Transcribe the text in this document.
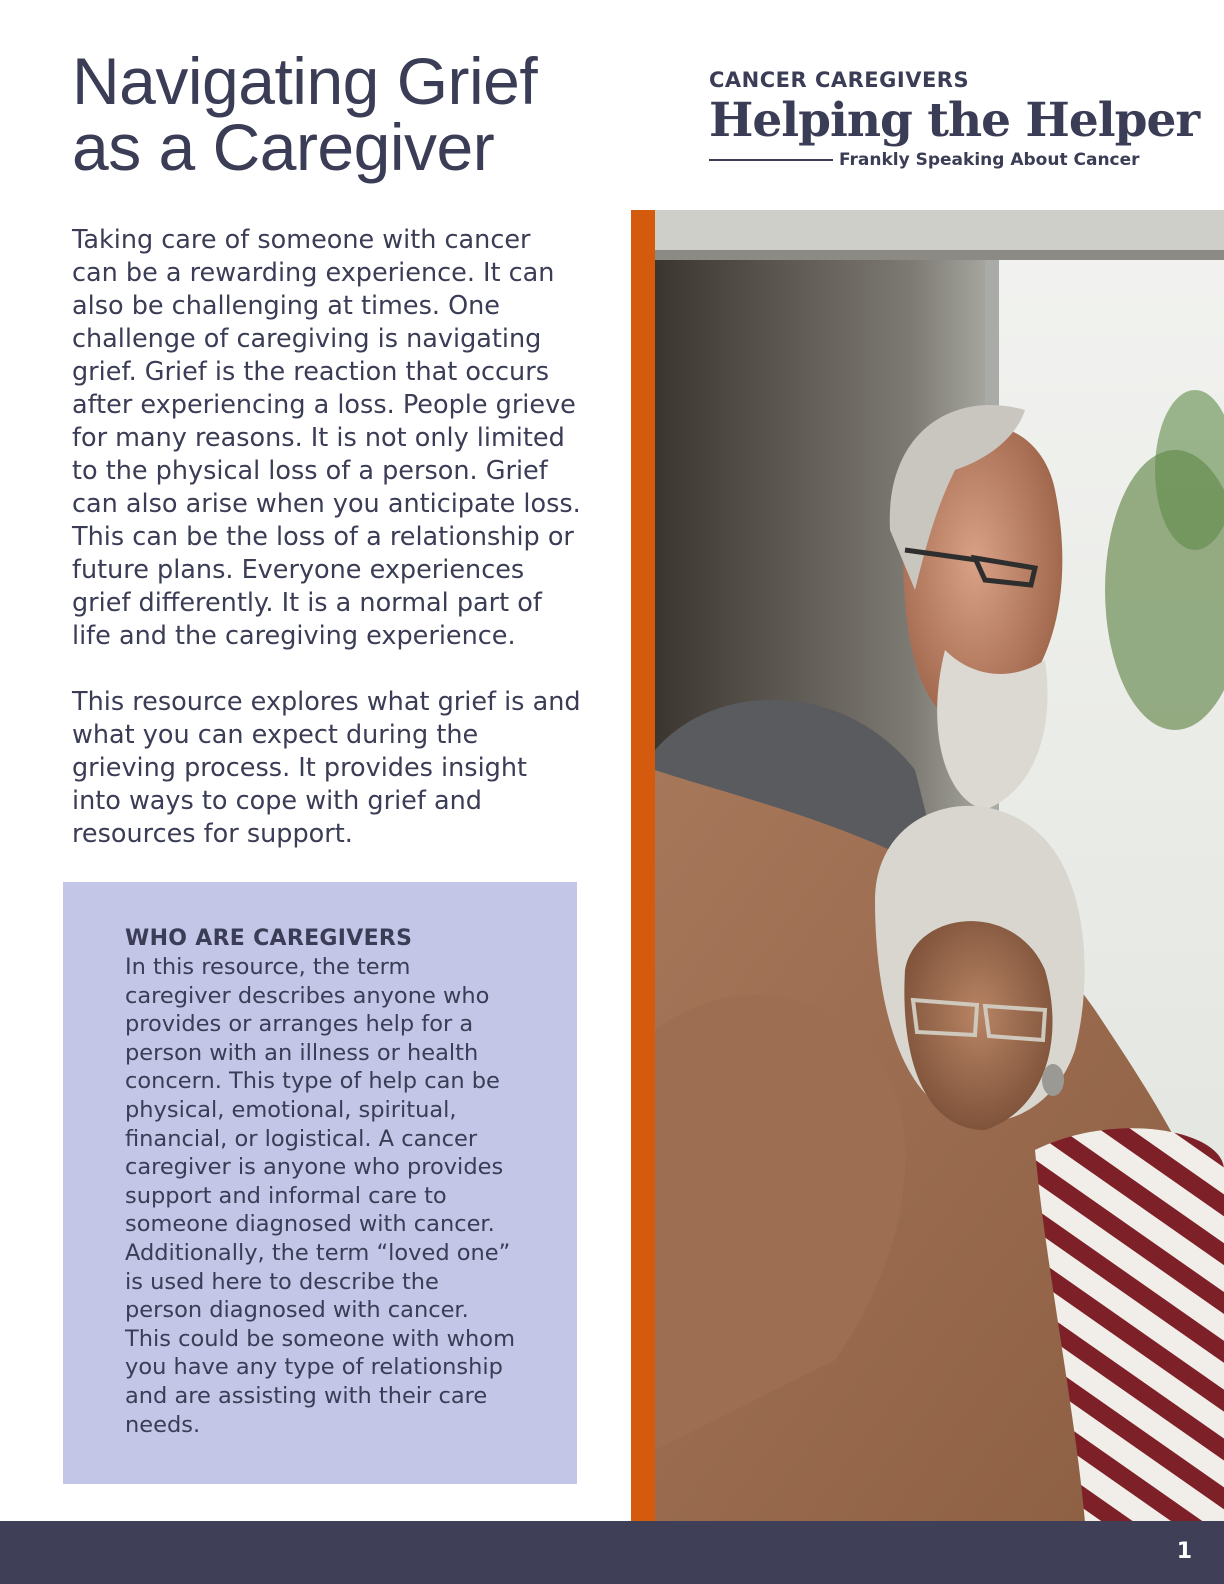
Navigating Grief
as a Caregiver
CANCER CAREGIVERS
Helping the Helper
Frankly Speaking About Cancer

Taking care of someone with cancer can be a rewarding experience. It can also be challenging at times. One challenge of caregiving is navigating grief. Grief is the reaction that occurs after experiencing a loss. People grieve for many reasons. It is not only limited to the physical loss of a person. Grief can also arise when you anticipate loss. This can be the loss of a relationship or future plans. Everyone experiences grief differently. It is a normal part of life and the caregiving experience.

This resource explores what grief is and what you can expect during the grieving process. It provides insight into ways to cope with grief and resources for support.

WHO ARE CAREGIVERS
In this resource, the term caregiver describes anyone who provides or arranges help for a person with an illness or health concern. This type of help can be physical, emotional, spiritual, financial, or logistical. A cancer caregiver is anyone who provides support and informal care to someone diagnosed with cancer. Additionally, the term “loved one” is used here to describe the person diagnosed with cancer. This could be someone with whom you have any type of relationship and are assisting with their care needs.
1
